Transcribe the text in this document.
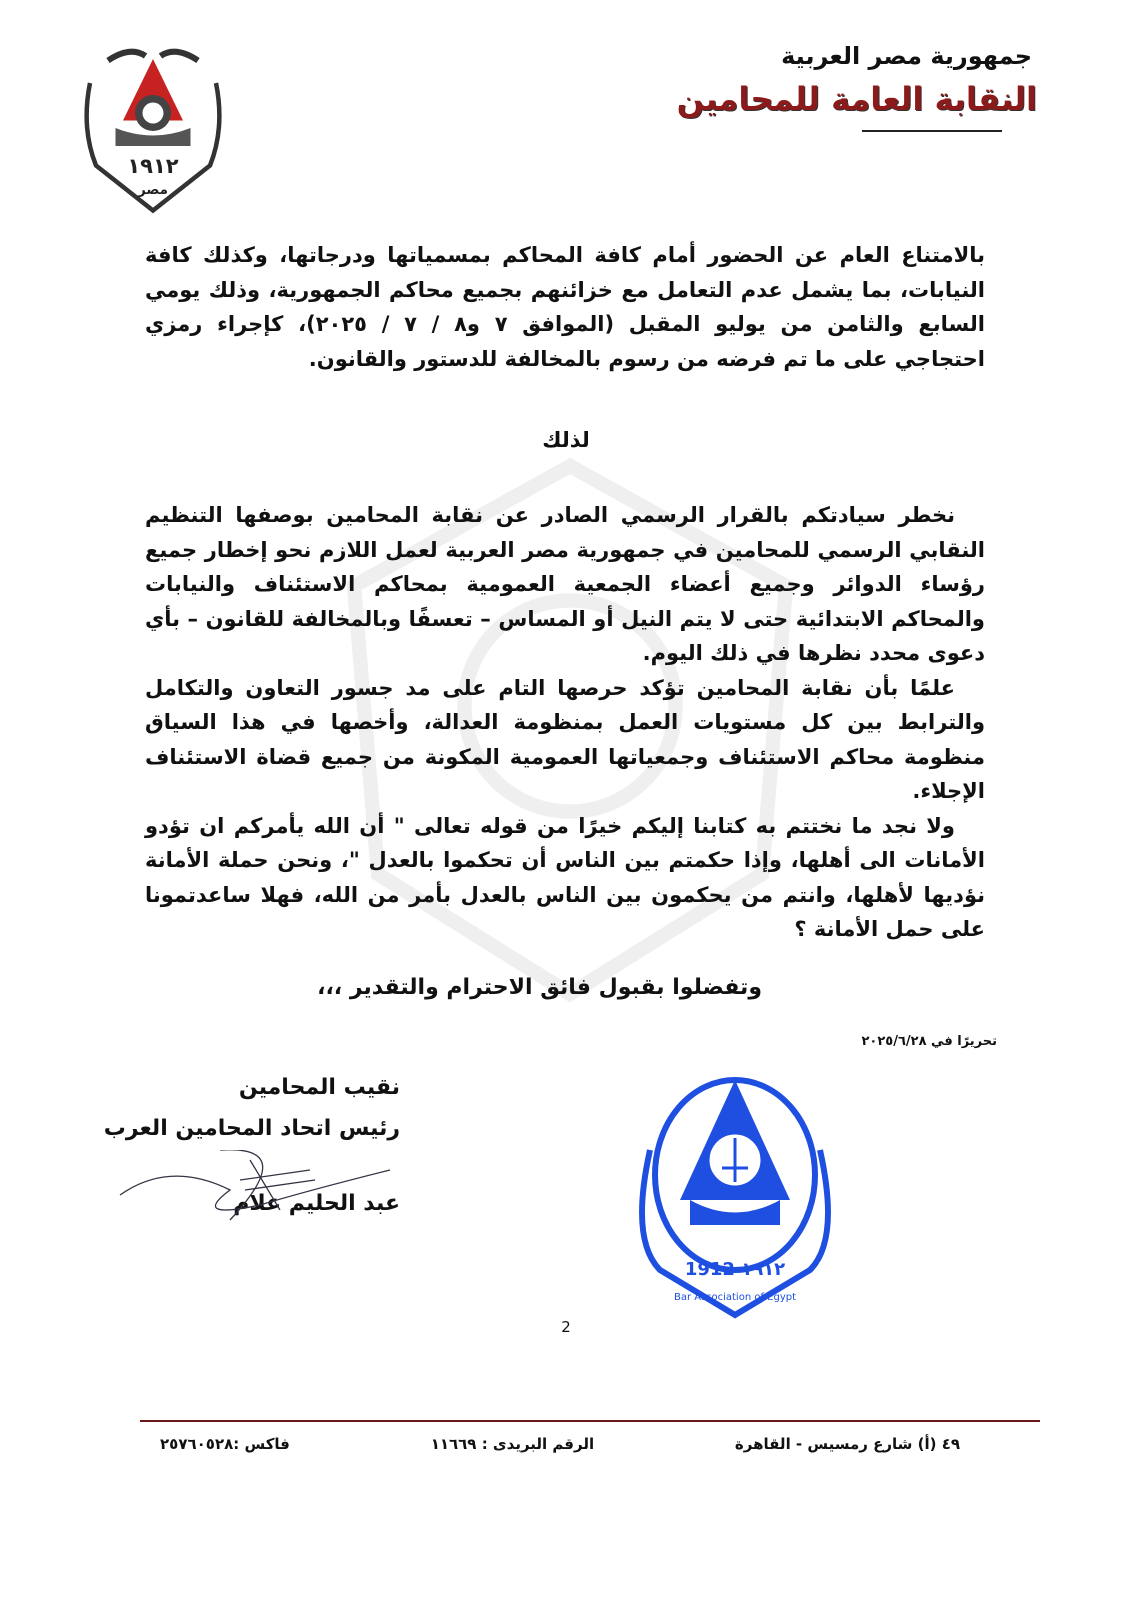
١٩١٢
مصر
جمهورية مصر العربية
النقابة العامة للمحامين

بالامتناع العام عن الحضور أمام كافة المحاكم بمسمياتها ودرجاتها، وكذلك كافة النيابات، بما يشمل عدم التعامل مع خزائنهم بجميع محاكم الجمهورية، وذلك يومي السابع والثامن من يوليو المقبل (الموافق ٧ و٨ / ٧ / ٢٠٢٥)، كإجراء رمزي احتجاجي على ما تم فرضه من رسوم بالمخالفة للدستور والقانون.

لذلك

نخطر سيادتكم بالقرار الرسمي الصادر عن نقابة المحامين بوصفها التنظيم النقابي الرسمي للمحامين في جمهورية مصر العربية لعمل اللازم نحو إخطار جميع رؤساء الدوائر وجميع أعضاء الجمعية العمومية بمحاكم الاستئناف والنيابات والمحاكم الابتدائية حتى لا يتم النيل أو المساس – تعسفًا وبالمخالفة للقانون – بأي دعوى محدد نظرها في ذلك اليوم.

علمًا بأن نقابة المحامين تؤكد حرصها التام على مد جسور التعاون والتكامل والترابط بين كل مستويات العمل بمنظومة العدالة، وأخصها في هذا السياق منظومة محاكم الاستئناف وجمعياتها العمومية المكونة من جميع قضاة الاستئناف الإجلاء.

ولا نجد ما نختتم به كتابنا إليكم خيرًا من قوله تعالى " أن الله يأمركم ان تؤدو الأمانات الى أهلها، وإذا حكمتم بين الناس أن تحكموا بالعدل "، ونحن حملة الأمانة نؤديها لأهلها، وانتم من يحكمون بين الناس بالعدل بأمر من الله، فهلا ساعدتمونا على حمل الأمانة ؟

وتفضلوا بقبول فائق الاحترام والتقدير ،،،
تحريرًا في ٢٠٢٥/٦/٢٨
نقيب المحامين
رئيس اتحاد المحامين العرب
عبد الحليم علام
1912 ١٩١٢
Bar Association of Egypt
2
٤٩ (أ) شارع رمسيس - القاهرة
الرقم البريدى : ١١٦٦٩
فاكس :٢٥٧٦٠٥٢٨
